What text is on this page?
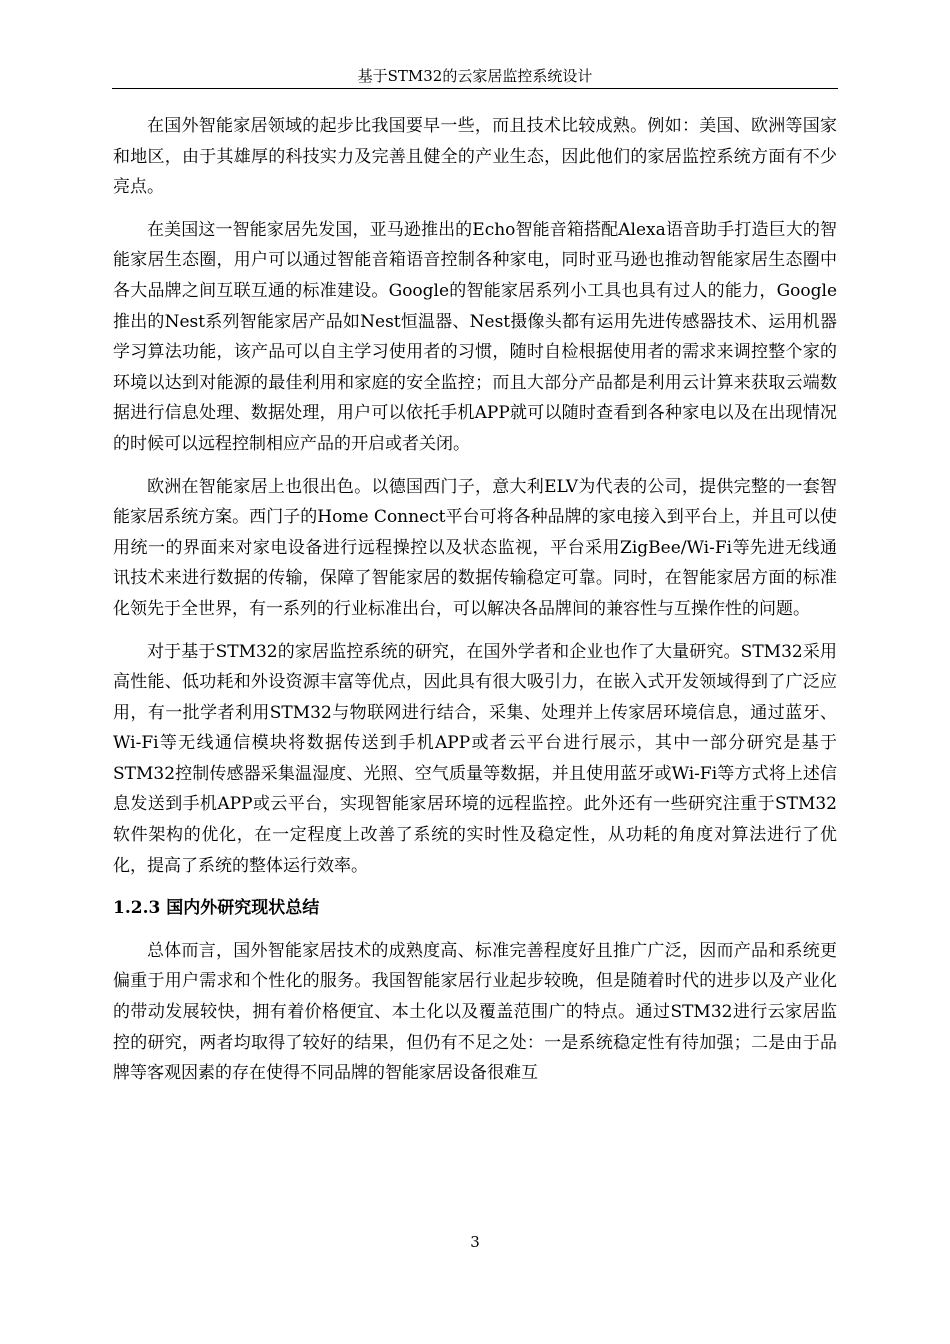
基于STM32的云家居监控系统设计

在国外智能家居领域的起步比我国要早一些，而且技术比较成熟。例如：美国、欧洲等国家和地区，由于其雄厚的科技实力及完善且健全的产业生态，因此他们的家居监控系统方面有不少亮点。

在美国这一智能家居先发国，亚马逊推出的Echo智能音箱搭配Alexa语音助手打造巨大的智能家居生态圈，用户可以通过智能音箱语音控制各种家电，同时亚马逊也推动智能家居生态圈中各大品牌之间互联互通的标准建设。Google的智能家居系列小工具也具有过人的能力，Google推出的Nest系列智能家居产品如Nest恒温器、Nest摄像头都有运用先进传感器技术、运用机器学习算法功能，该产品可以自主学习使用者的习惯，随时自检根据使用者的需求来调控整个家的环境以达到对能源的最佳利用和家庭的安全监控；而且大部分产品都是利用云计算来获取云端数据进行信息处理、数据处理，用户可以依托手机APP就可以随时查看到各种家电以及在出现情况的时候可以远程控制相应产品的开启或者关闭。

欧洲在智能家居上也很出色。以德国西门子，意大利ELV为代表的公司，提供完整的一套智能家居系统方案。西门子的Home Connect平台可将各种品牌的家电接入到平台上，并且可以使用统一的界面来对家电设备进行远程操控以及状态监视，平台采用ZigBee/Wi-Fi等先进无线通讯技术来进行数据的传输，保障了智能家居的数据传输稳定可靠。同时，在智能家居方面的标准化领先于全世界，有一系列的行业标准出台，可以解决各品牌间的兼容性与互操作性的问题。

对于基于STM32的家居监控系统的研究，在国外学者和企业也作了大量研究。STM32采用高性能、低功耗和外设资源丰富等优点，因此具有很大吸引力，在嵌入式开发领域得到了广泛应用，有一批学者利用STM32与物联网进行结合，采集、处理并上传家居环境信息，通过蓝牙、Wi-Fi等无线通信模块将数据传送到手机APP或者云平台进行展示，其中一部分研究是基于STM32控制传感器采集温湿度、光照、空气质量等数据，并且使用蓝牙或Wi-Fi等方式将上述信息发送到手机APP或云平台，实现智能家居环境的远程监控。此外还有一些研究注重于STM32软件架构的优化，在一定程度上改善了系统的实时性及稳定性，从功耗的角度对算法进行了优化，提高了系统的整体运行效率。

1.2.3 国内外研究现状总结

总体而言，国外智能家居技术的成熟度高、标准完善程度好且推广广泛，因而产品和系统更偏重于用户需求和个性化的服务。我国智能家居行业起步较晚，但是随着时代的进步以及产业化的带动发展较快，拥有着价格便宜、本土化以及覆盖范围广的特点。通过STM32进行云家居监控的研究，两者均取得了较好的结果，但仍有不足之处：一是系统稳定性有待加强；二是由于品牌等客观因素的存在使得不同品牌的智能家居设备很难互

3
